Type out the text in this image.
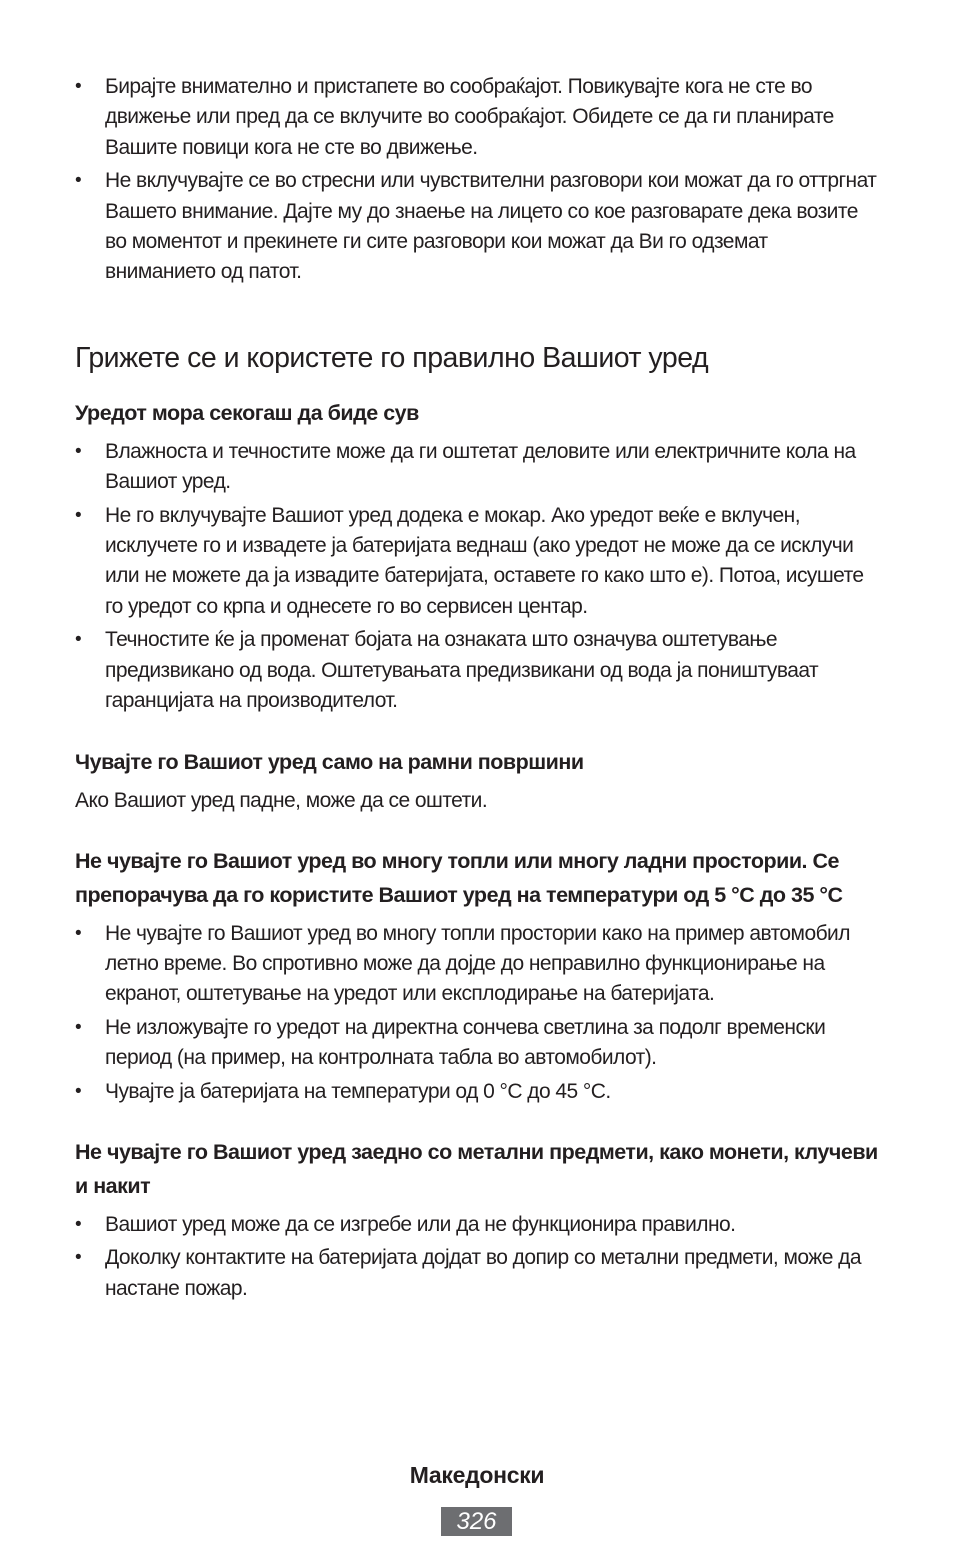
• Бирајте внимателно и пристапете во сообраќајот. Повикувајте кога не сте во движење или пред да се вклучите во сообраќајот. Обидете се да ги планирате Вашите повици кога не сте во движење.
• Не вклучувајте се во стресни или чувствителни разговори кои можат да го оттргнат Вашето внимание. Дајте му до знаење на лицето со кое разговарате дека возите во моментот и прекинете ги сите разговори кои можат да Ви го одземат вниманието од патот.
Грижете се и користете го правилно Вашиот уред
Уредот мора секогаш да биде сув
• Влажноста и течностите може да ги оштетат деловите или електричните кола на Вашиот уред.
• Не го вклучувајте Вашиот уред додека е мокар. Ако уредот веќе е вклучен, исклучете го и извадете ја батеријата веднаш (ако уредот не може да се исклучи или не можете да ја извадите батеријата, оставете го како што е). Потоа, исушете го уредот со крпа и однесете го во сервисен центар.
• Течностите ќе ја променат бојата на ознаката што означува оштетување предизвикано од вода. Оштетувањата предизвикани од вода ја поништуваат гаранцијата на производителот.
Чувајте го Вашиот уред само на рамни површини

Ако Вашиот уред падне, може да се оштети.

Не чувајте го Вашиот уред во многу топли или многу ладни простории. Се препорачува да го користите Вашиот уред на температури од 5 °C до 35 °C
• Не чувајте го Вашиот уред во многу топли простории како на пример автомобил летно време. Во спротивно може да дојде до неправилно функционирање на екранот, оштетување на уредот или експлодирање на батеријата.
• Не изложувајте го уредот на директна сончева светлина за подолг временски период (на пример, на контролната табла во автомобилот).
• Чувајте ја батеријата на температури од 0 °C до 45 °C.
Не чувајте го Вашиот уред заедно со метални предмети, како монети, клучеви и накит
• Вашиот уред може да се изгребе или да не функционира правилно.
• Доколку контактите на батеријата дојдат во допир со метални предмети, може да настане пожар.
Македонски
326
